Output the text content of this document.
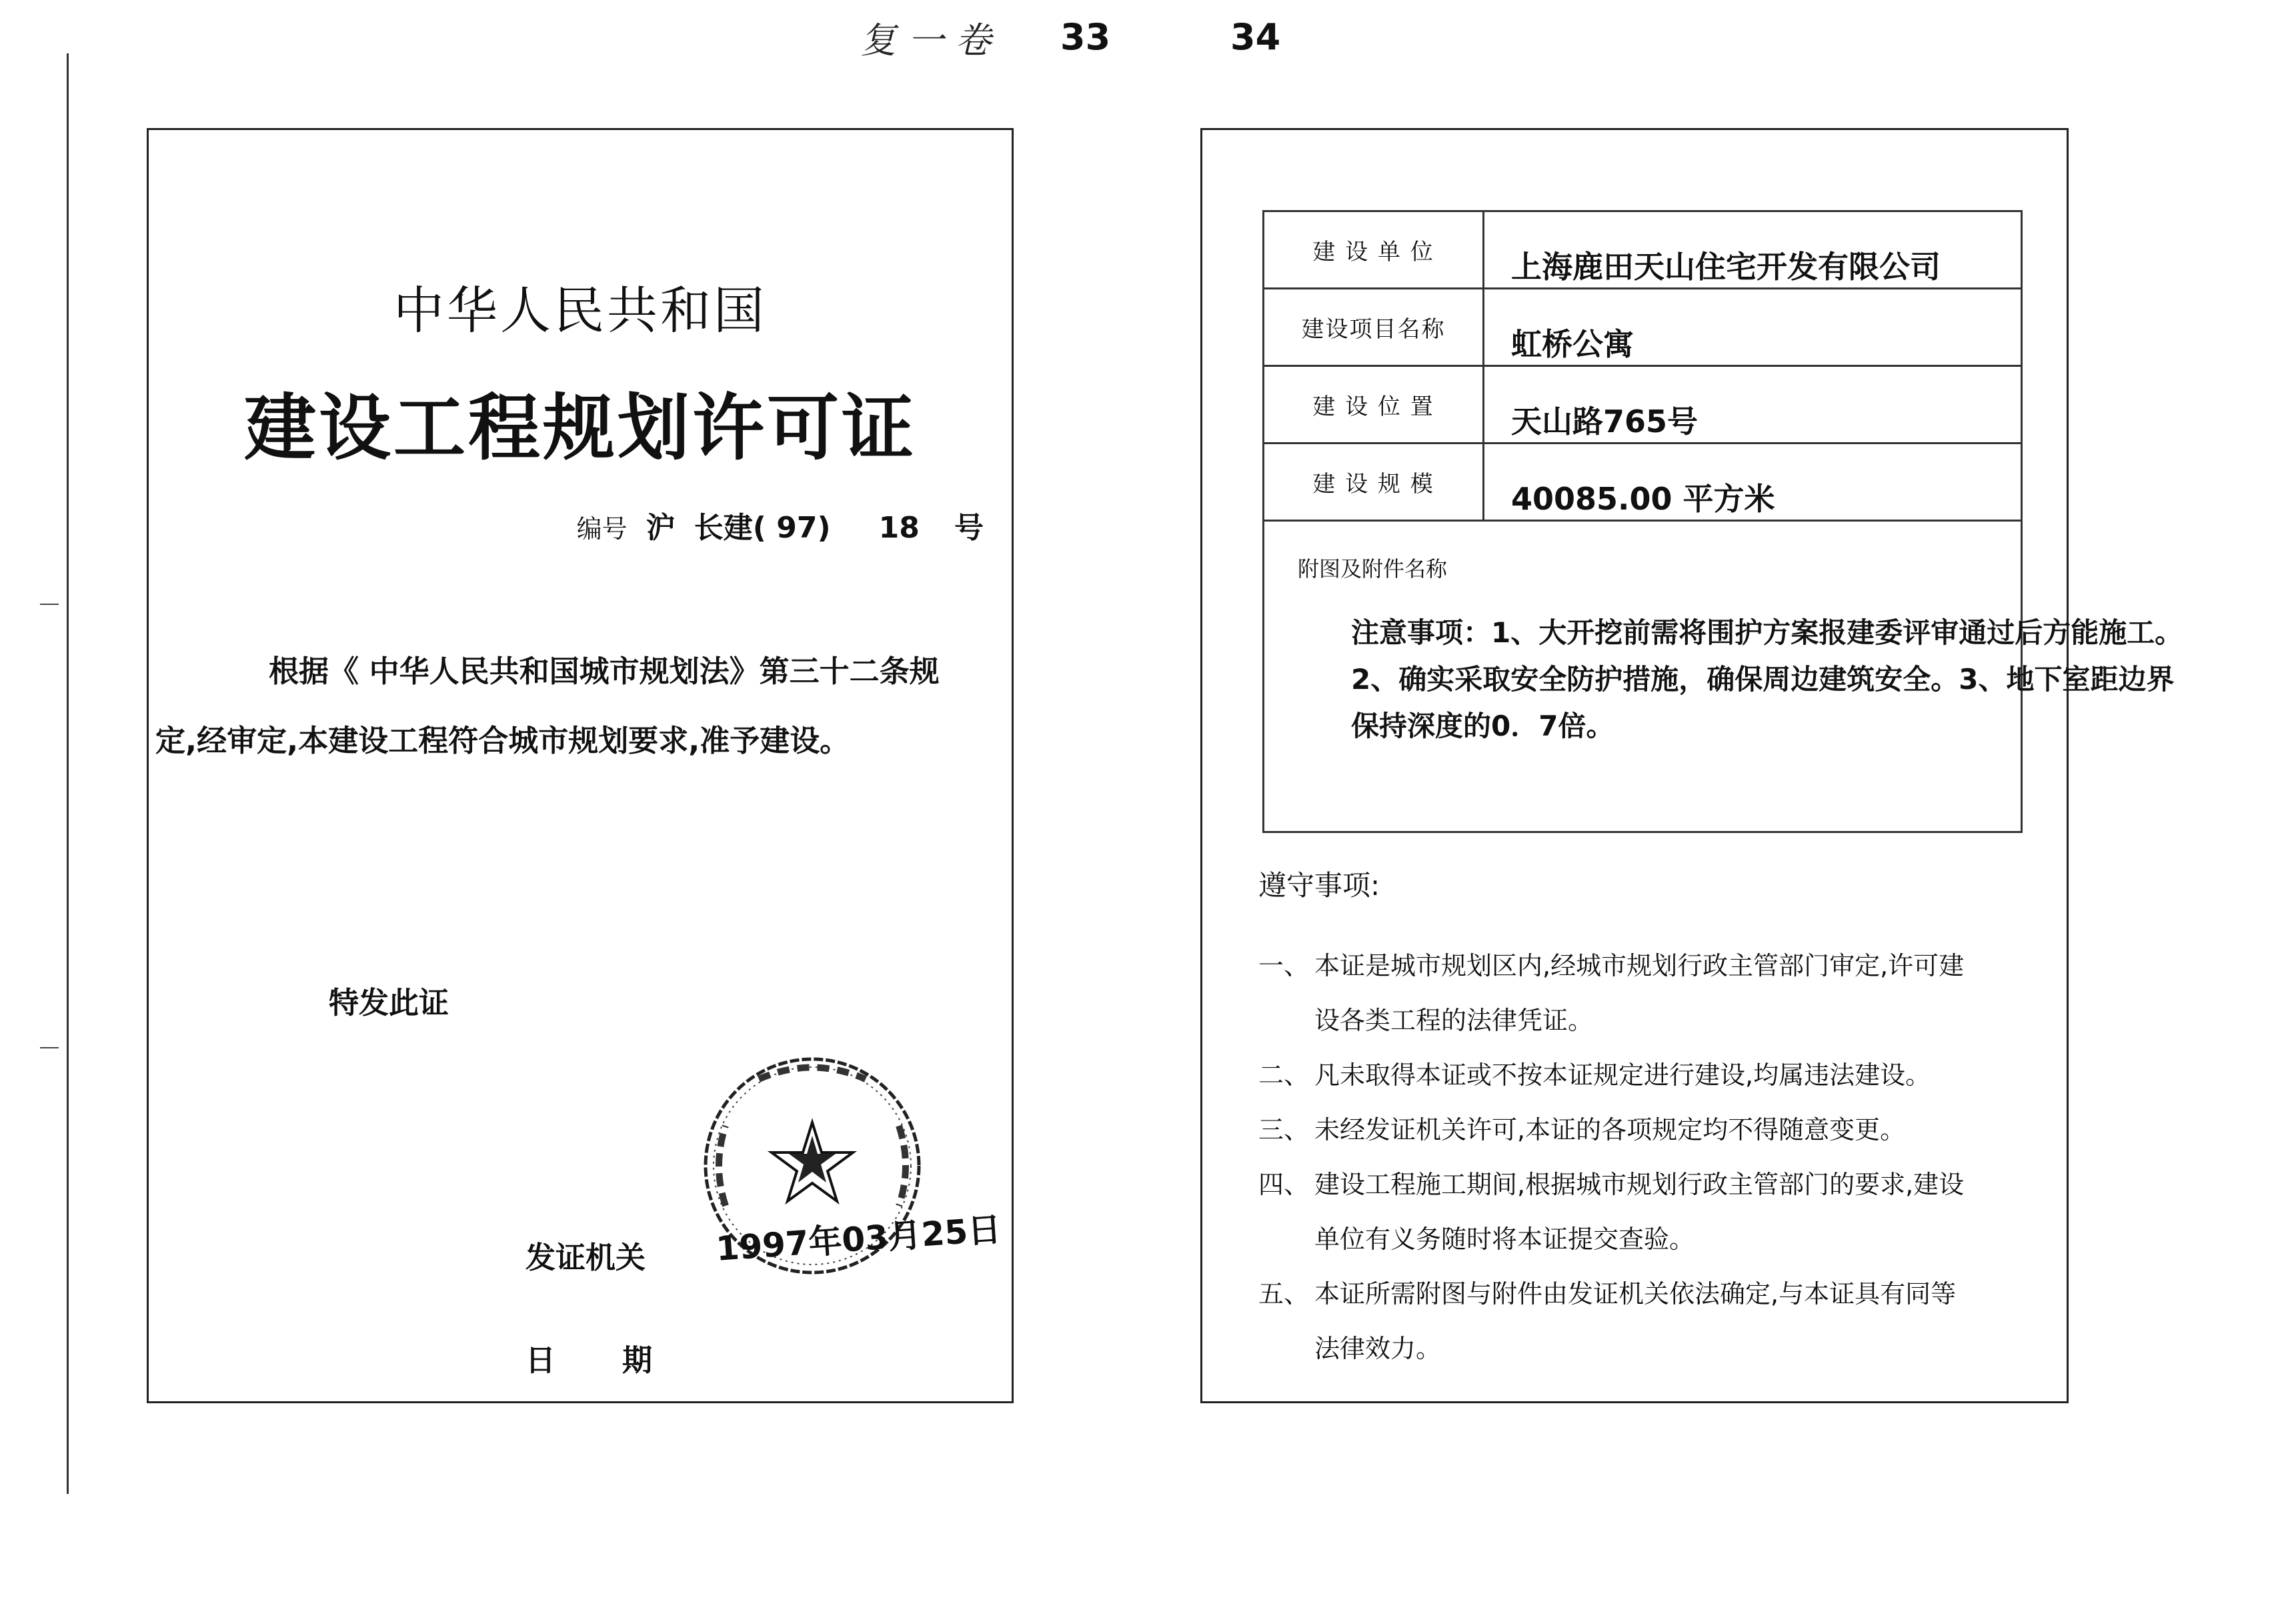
复 一 卷 33	34
中华人民共和国
建设工程规划许可证
编号 沪 长建( 97) 18 号
根据《 中华人民共和国城市规划法》第三十二条规
定,经审定,本建设工程符合城市规划要求,准予建设。
特发此证
发证机关
日期
1997年03月25日
建 设 单 位	上海鹿田天山住宅开发有限公司
建设项目名称	虹桥公寓
建 设 位 置	天山路765号
建 设 规 模	40085.00 平方米
附图及附件名称
注意事项：1、大开挖前需将围护方案报建委评审通过后方能施工。
2、确实采取安全防护措施，确保周边建筑安全。3、地下室距边界
保持深度的0．7倍。
遵守事项:
一、 本证是城市规划区内,经城市规划行政主管部门审定,许可建
设各类工程的法律凭证。
二、 凡未取得本证或不按本证规定进行建设,均属违法建设。
三、 未经发证机关许可,本证的各项规定均不得随意变更。
四、 建设工程施工期间,根据城市规划行政主管部门的要求,建设
单位有义务随时将本证提交查验。
五、 本证所需附图与附件由发证机关依法确定,与本证具有同等
法律效力。
